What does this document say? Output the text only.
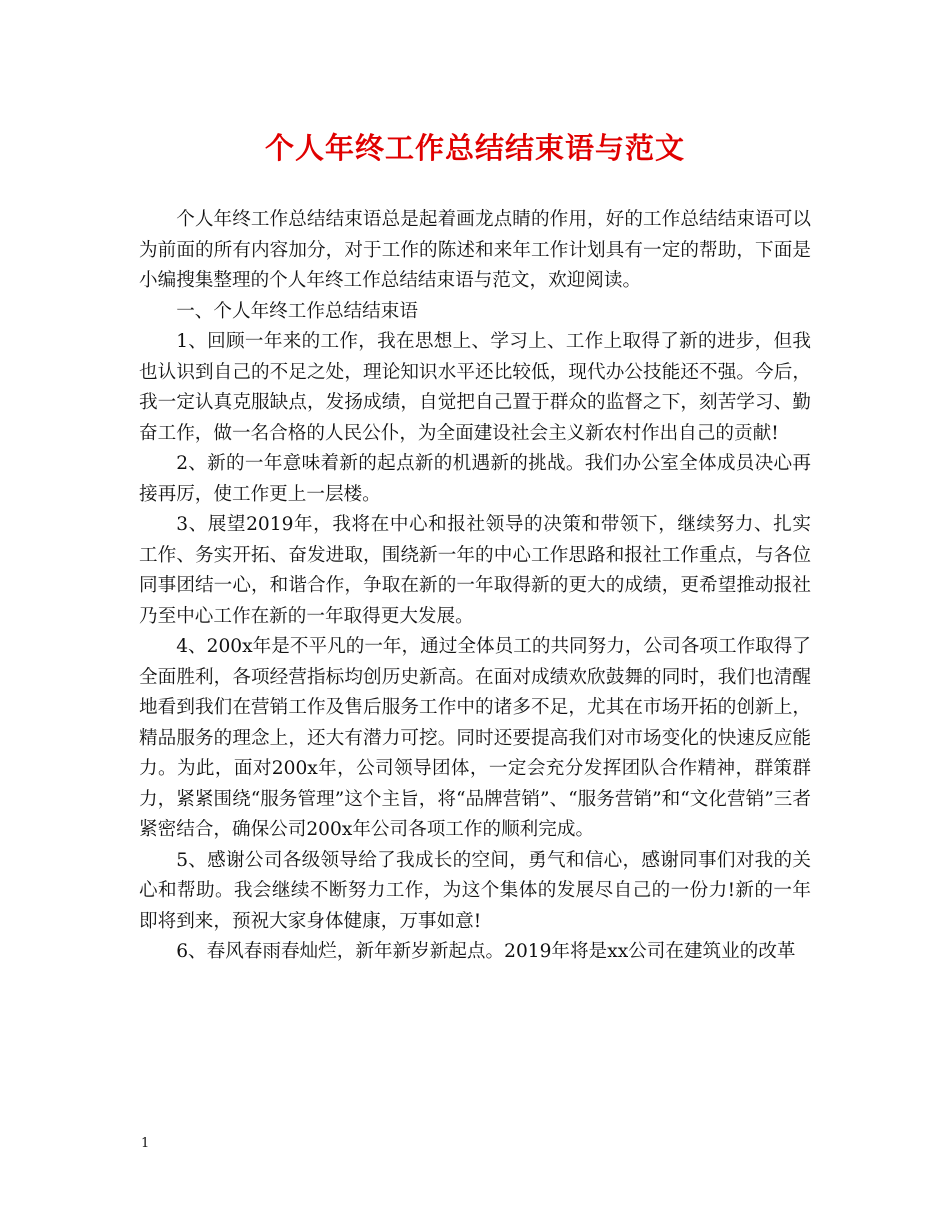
个人年终工作总结结束语与范文

个人年终工作总结结束语总是起着画龙点睛的作用，好的工作总结结束语可以为前面的所有内容加分，对于工作的陈述和来年工作计划具有一定的帮助，下面是小编搜集整理的个人年终工作总结结束语与范文，欢迎阅读。

一、个人年终工作总结结束语

1、回顾一年来的工作，我在思想上、学习上、工作上取得了新的进步，但我也认识到自己的不足之处，理论知识水平还比较低，现代办公技能还不强。今后，我一定认真克服缺点，发扬成绩，自觉把自己置于群众的监督之下，刻苦学习、勤奋工作，做一名合格的人民公仆，为全面建设社会主义新农村作出自己的贡献!

2、新的一年意味着新的起点新的机遇新的挑战。我们办公室全体成员决心再接再厉，使工作更上一层楼。

3、展望2019年，我将在中心和报社领导的决策和带领下，继续努力、扎实工作、务实开拓、奋发进取，围绕新一年的中心工作思路和报社工作重点，与各位同事团结一心，和谐合作，争取在新的一年取得新的更大的成绩，更希望推动报社乃至中心工作在新的一年取得更大发展。

4、200x年是不平凡的一年，通过全体员工的共同努力，公司各项工作取得了全面胜利，各项经营指标均创历史新高。在面对成绩欢欣鼓舞的同时，我们也清醒地看到我们在营销工作及售后服务工作中的诸多不足，尤其在市场开拓的创新上，精品服务的理念上，还大有潜力可挖。同时还要提高我们对市场变化的快速反应能力。为此，面对200x年，公司领导团体，一定会充分发挥团队合作精神，群策群力，紧紧围绕“服务管理”这个主旨，将“品牌营销”、“服务营销”和“文化营销”三者紧密结合，确保公司200x年公司各项工作的顺利完成。

5、感谢公司各级领导给了我成长的空间，勇气和信心，感谢同事们对我的关心和帮助。我会继续不断努力工作，为这个集体的发展尽自己的一份力!新的一年即将到来，预祝大家身体健康，万事如意!

6、春风春雨春灿烂，新年新岁新起点。2019年将是xx公司在建筑业的改革

1
